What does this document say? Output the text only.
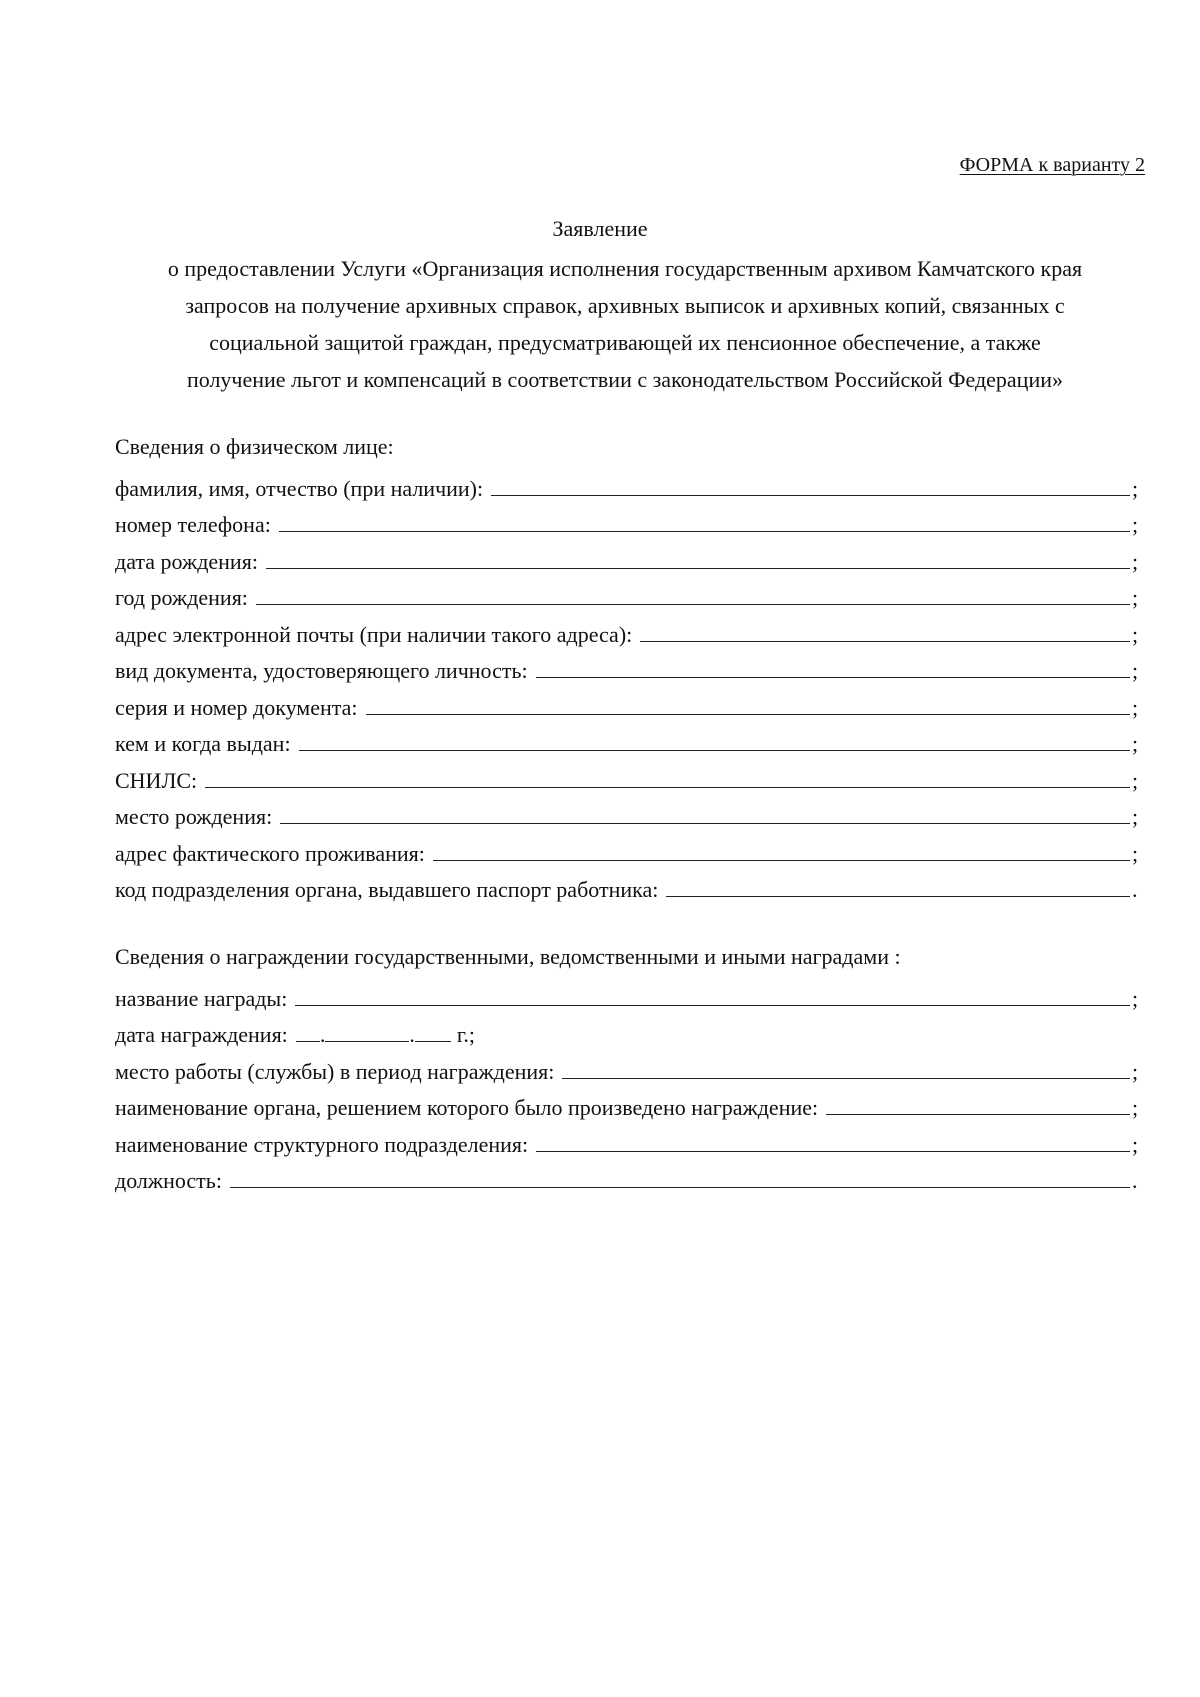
ФОРМА к варианту 2
Заявление
о предоставлении Услуги «Организация исполнения государственным архивом Камчатского края
запросов на получение архивных справок, архивных выписок и архивных копий, связанных с
социальной защитой граждан, предусматривающей их пенсионное обеспечение, а также
получение льгот и компенсаций в соответствии с законодательством Российской Федерации»
Сведения о физическом лице:
фамилия, имя, отчество (при наличии):	;
номер телефона:	;
дата рождения:	;
год рождения:	;
адрес электронной почты (при наличии такого адреса):	;
вид документа, удостоверяющего личность:	;
серия и номер документа:	;
кем и когда выдан:	;
СНИЛС:	;
место рождения:	;
адрес фактического проживания:	;
код подразделения органа, выдавшего паспорт работника:	.
Сведения о награждении государственными, ведомственными и иными наградами :
название награды:	;
дата награждения: .	. г.;
место работы (службы) в период награждения:	;
наименование органа, решением которого было произведено награждение:	;
наименование структурного подразделения:	;
должность:	.
